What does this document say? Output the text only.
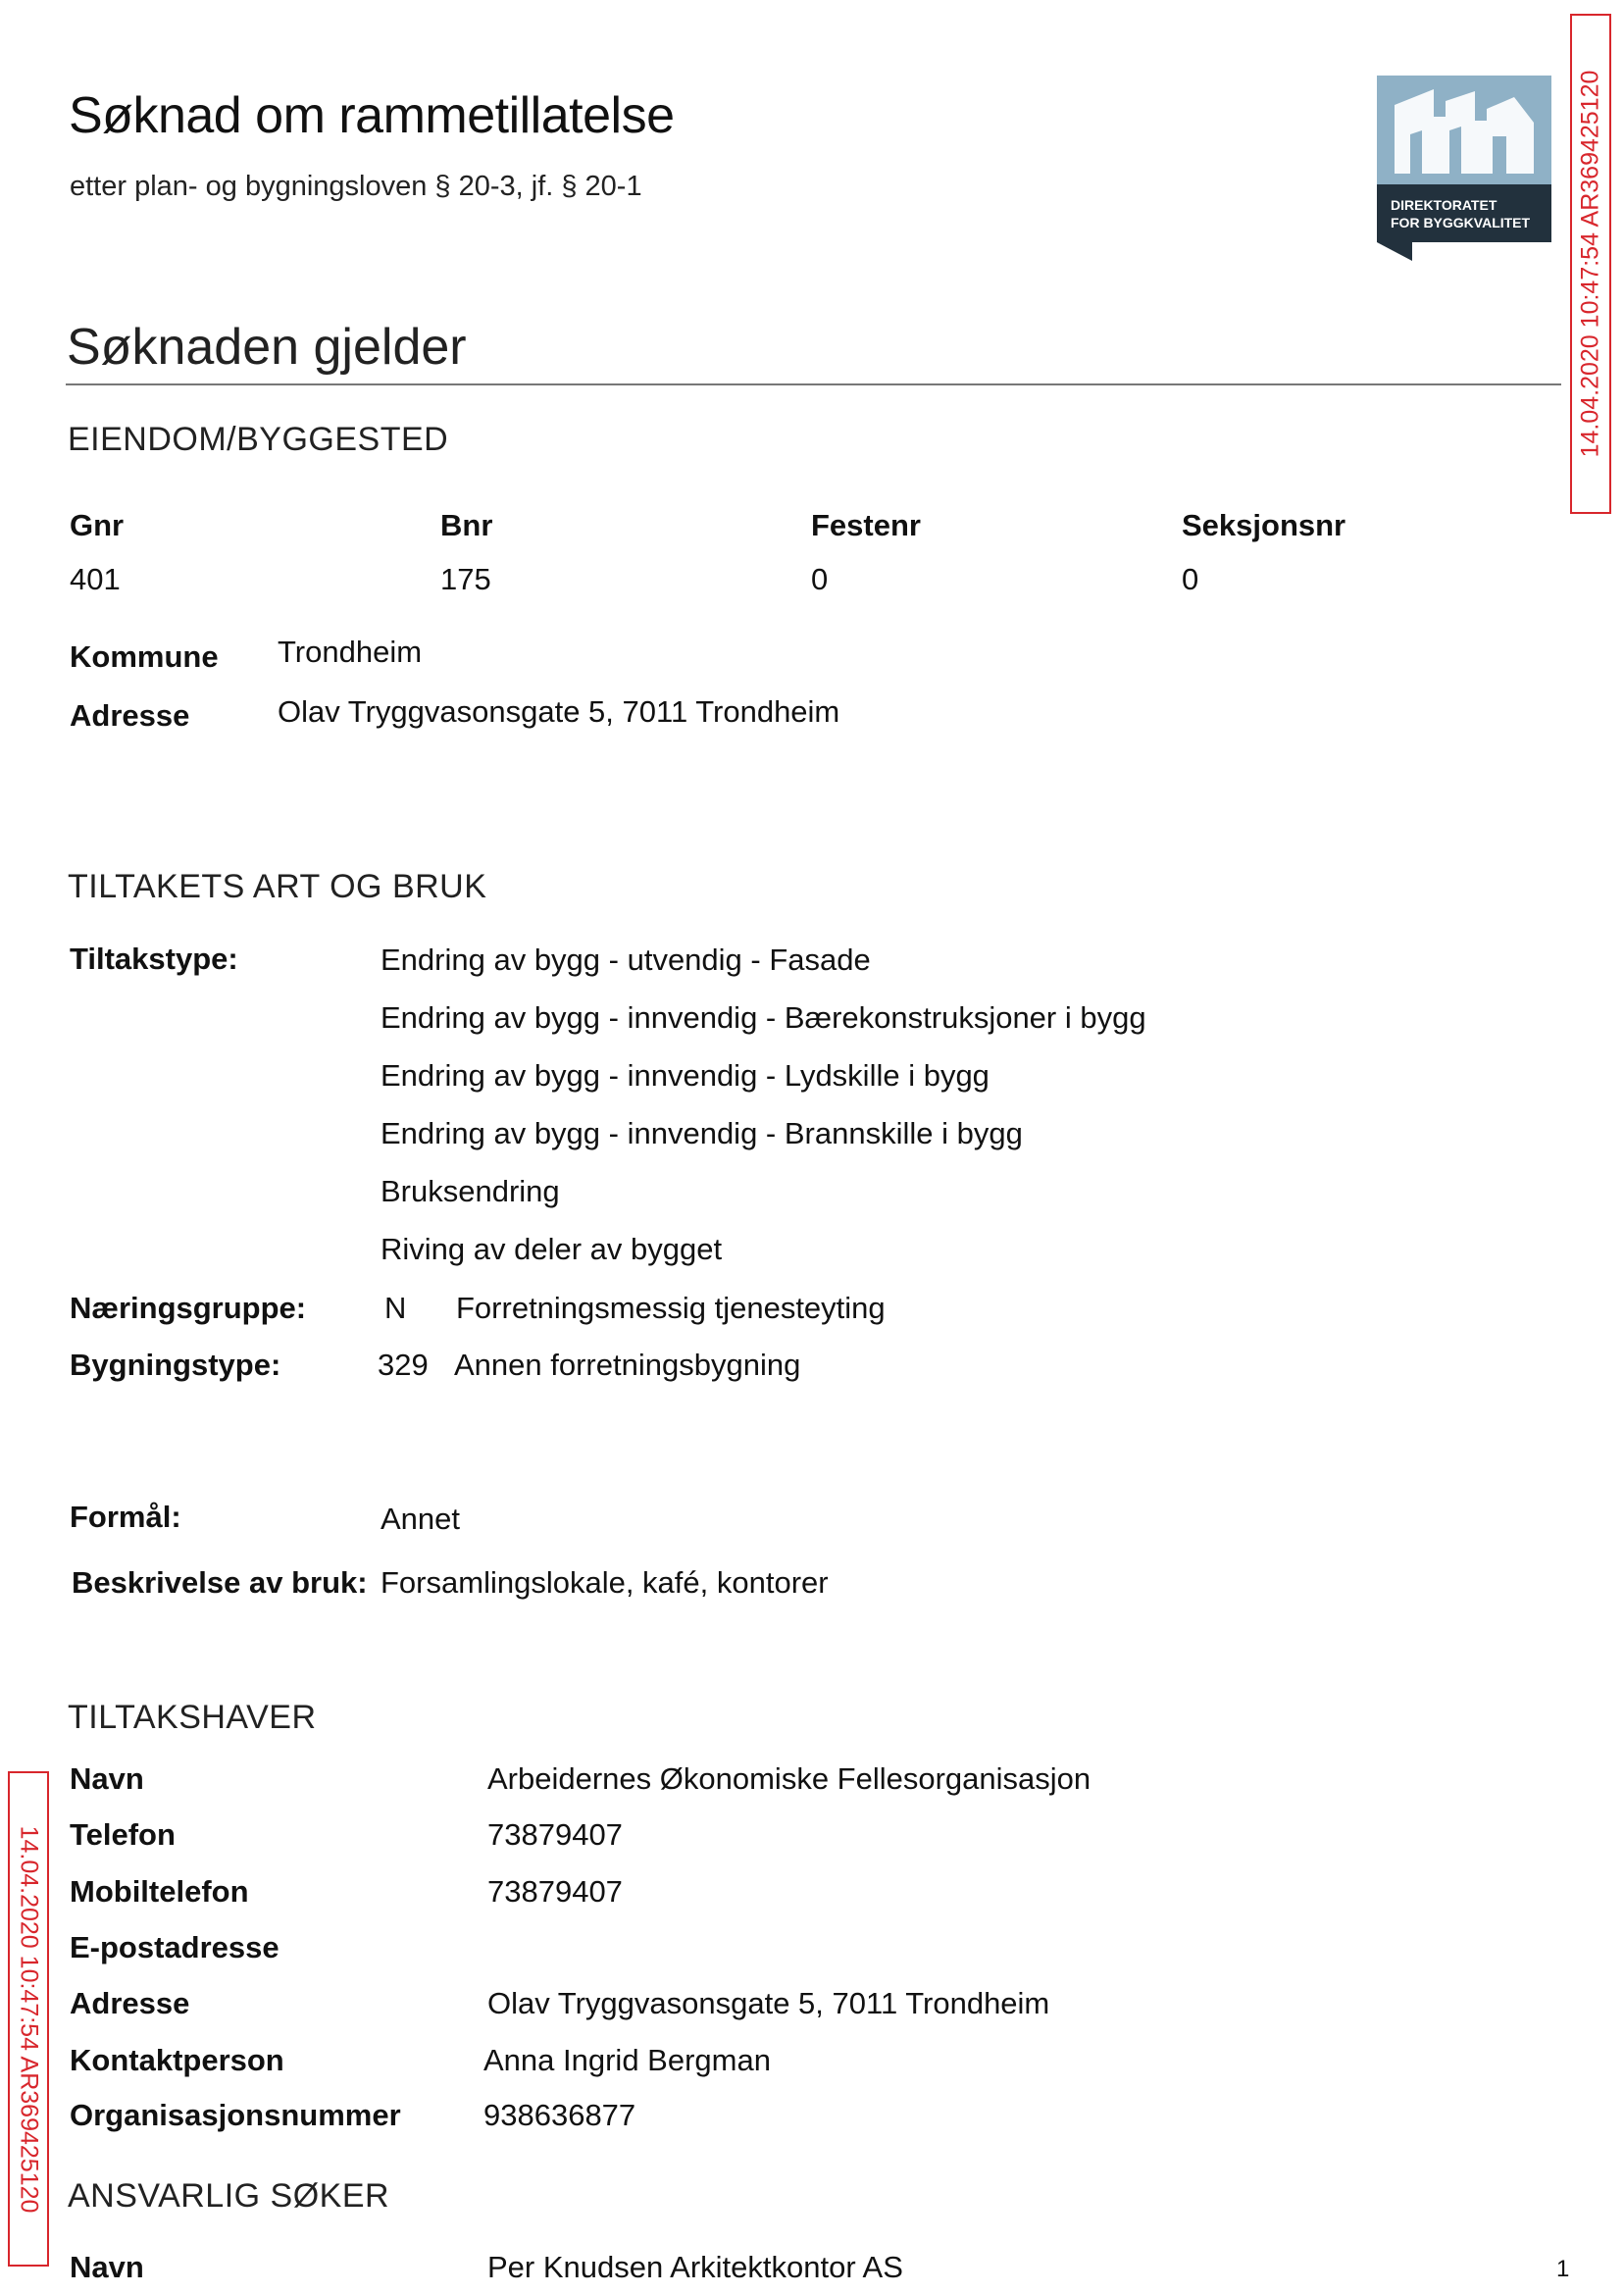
Søknad om rammetillatelse
etter plan- og bygningsloven § 20-3, jf. § 20-1
DIREKTORATET
FOR BYGGKVALITET 14.04.2020 10:47:54 AR369425120
14.04.2020 10:47:54 AR369425120
Søknaden gjelder
EIENDOM/BYGGESTED
Gnr	Bnr	Festenr	Seksjonsnr
401	175	0	0
Kommune Trondheim
Adresse	Olav Tryggvasonsgate 5, 7011 Trondheim
TILTAKETS ART OG BRUK
Tiltakstype:	Endring av bygg - utvendig - Fasade
Endring av bygg - innvendig - Bærekonstruksjoner i bygg
Endring av bygg - innvendig - Lydskille i bygg
Endring av bygg - innvendig - Brannskille i bygg
Bruksendring
Riving av deler av bygget
Næringsgruppe:	N Forretningsmessig tjenesteyting
Bygningstype:	329 Annen forretningsbygning
Formål:	Annet
Beskrivelse av bruk: Forsamlingslokale, kafé, kontorer
TILTAKSHAVER
Navn	Arbeidernes Økonomiske Fellesorganisasjon
Telefon	73879407
Mobiltelefon	73879407
E-postadresse
Adresse	Olav Tryggvasonsgate 5, 7011 Trondheim
Kontaktperson	Anna Ingrid Bergman
Organisasjonsnummer	938636877
ANSVARLIG SØKER
Navn	Per Knudsen Arkitektkontor AS	1
